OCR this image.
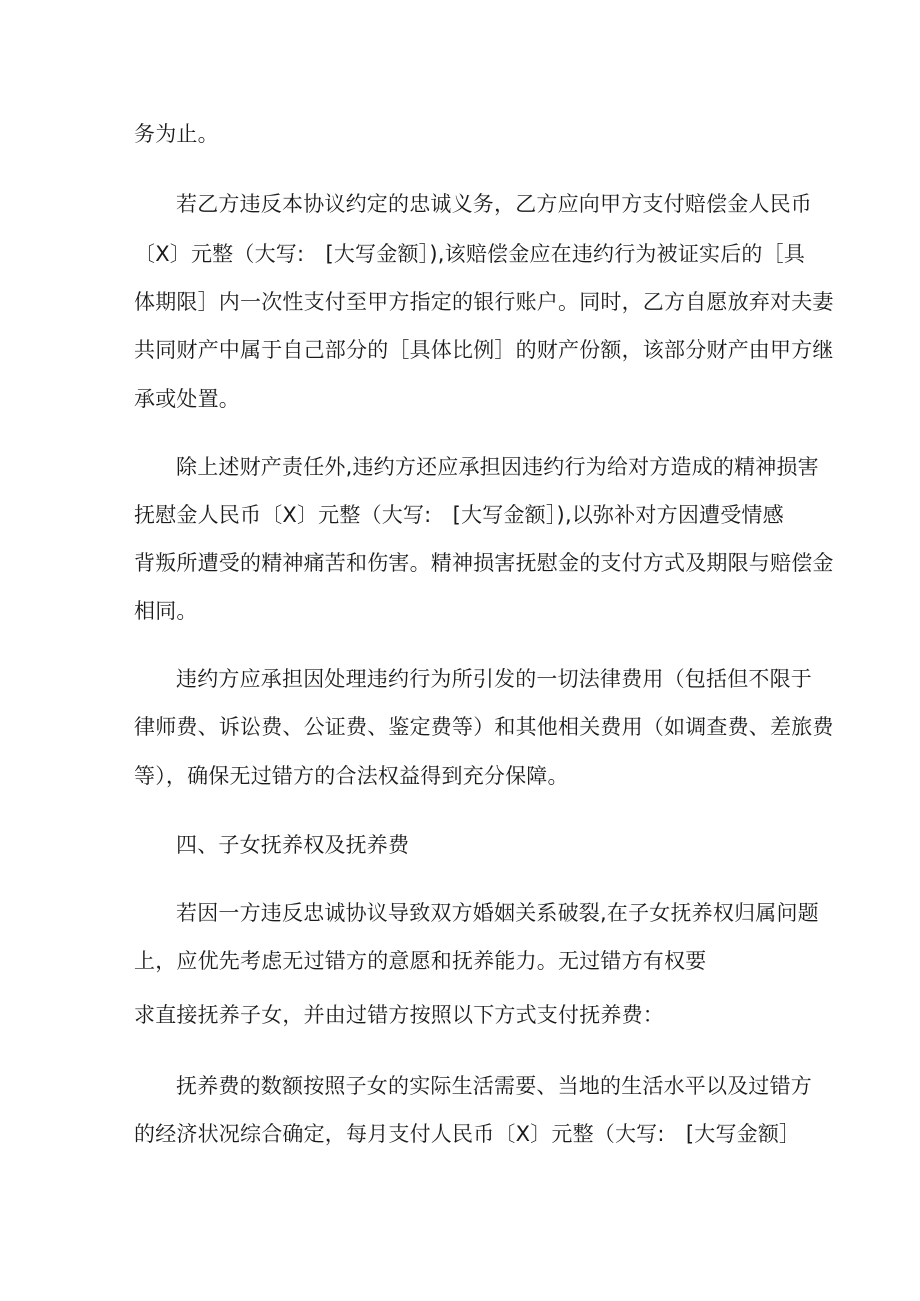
务为止。
若乙方违反本协议约定的忠诚义务，乙方应向甲方支付赔偿金人民币
〔X〕元整（大写:　[大写金额］),该赔偿金应在违约行为被证实后的［具
体期限］内一次性支付至甲方指定的银行账户。同时，乙方自愿放弃对夫妻
共同财产中属于自己部分的［具体比例］的财产份额，该部分财产由甲方继
承或处置。
除上述财产责任外,违约方还应承担因违约行为给对方造成的精神损害
抚慰金人民币〔X〕元整（大写:　[大写金额］),以弥补对方因遭受情感
背叛所遭受的精神痛苦和伤害。精神损害抚慰金的支付方式及期限与赔偿金
相同。
违约方应承担因处理违约行为所引发的一切法律费用（包括但不限于
律师费、诉讼费、公证费、鉴定费等）和其他相关费用（如调查费、差旅费
等），确保无过错方的合法权益得到充分保障。
四、子女抚养权及抚养费
若因一方违反忠诚协议导致双方婚姻关系破裂,在子女抚养权归属问题
上，应优先考虑无过错方的意愿和抚养能力。无过错方有权要
求直接抚养子女，并由过错方按照以下方式支付抚养费：
抚养费的数额按照子女的实际生活需要、当地的生活水平以及过错方
的经济状况综合确定，每月支付人民币〔X〕元整（大写:　[大写金额］
